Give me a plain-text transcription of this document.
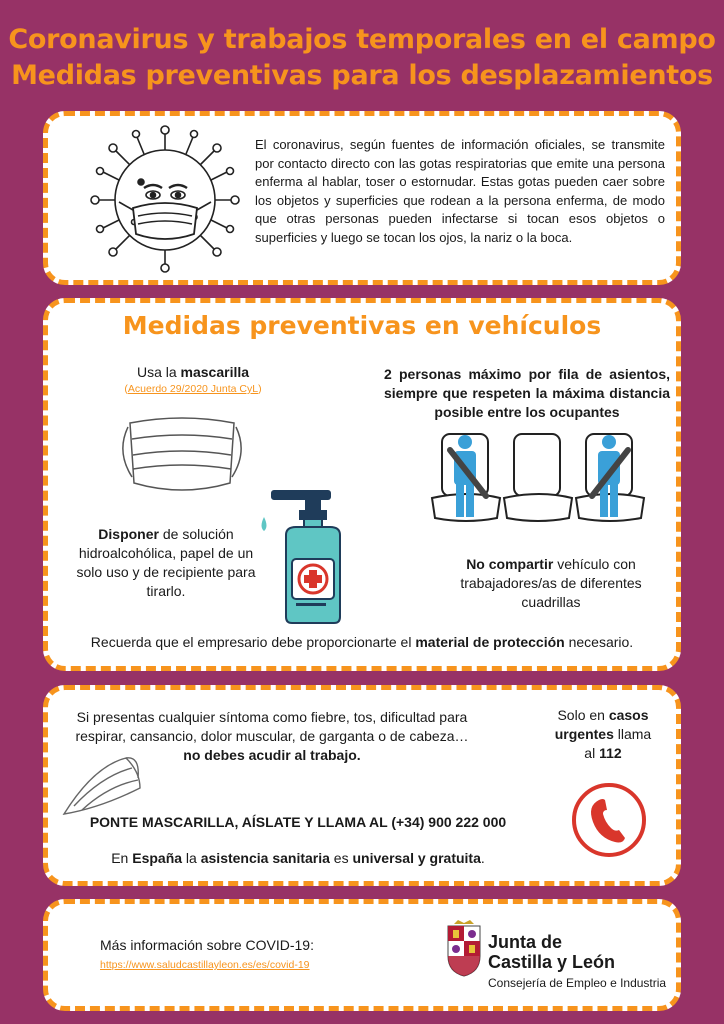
Coronavirus y trabajos temporales en el campo
Medidas preventivas para los desplazamientos
El coronavirus, según fuentes de información oficiales, se transmite por contacto directo con las gotas respiratorias que emite una persona enferma al hablar, toser o estornudar. Estas gotas pueden caer sobre los objetos y superficies que rodean a la persona enferma, de modo que otras personas pueden infectarse si tocan esos objetos o superficies y luego se tocan los ojos, la nariz o la boca.
Medidas preventivas en vehículos
Usa la mascarilla
(Acuerdo 29/2020 Junta CyL)
2 personas máximo por fila de asientos, siempre que respeten la máxima distancia posible entre los ocupantes
Disponer de solución hidroalcohólica, papel de un solo uso y de recipiente para tirarlo.
No compartir vehículo con trabajadores/as de diferentes cuadrillas
Recuerda que el empresario debe proporcionarte el material de protección necesario.
Si presentas cualquier síntoma como fiebre, tos, dificultad para respirar, cansancio, dolor muscular, de garganta o de cabeza… no debes acudir al trabajo.
Solo en casos urgentes llama al 112
PONTE MASCARILLA, AÍSLATE Y LLAMA AL (+34) 900 222 000
En España la asistencia sanitaria es universal y gratuita.
Más información sobre COVID-19:
https://www.saludcastillayleon.es/es/covid-19
Junta de
Castilla y León
Consejería de Empleo e Industria
